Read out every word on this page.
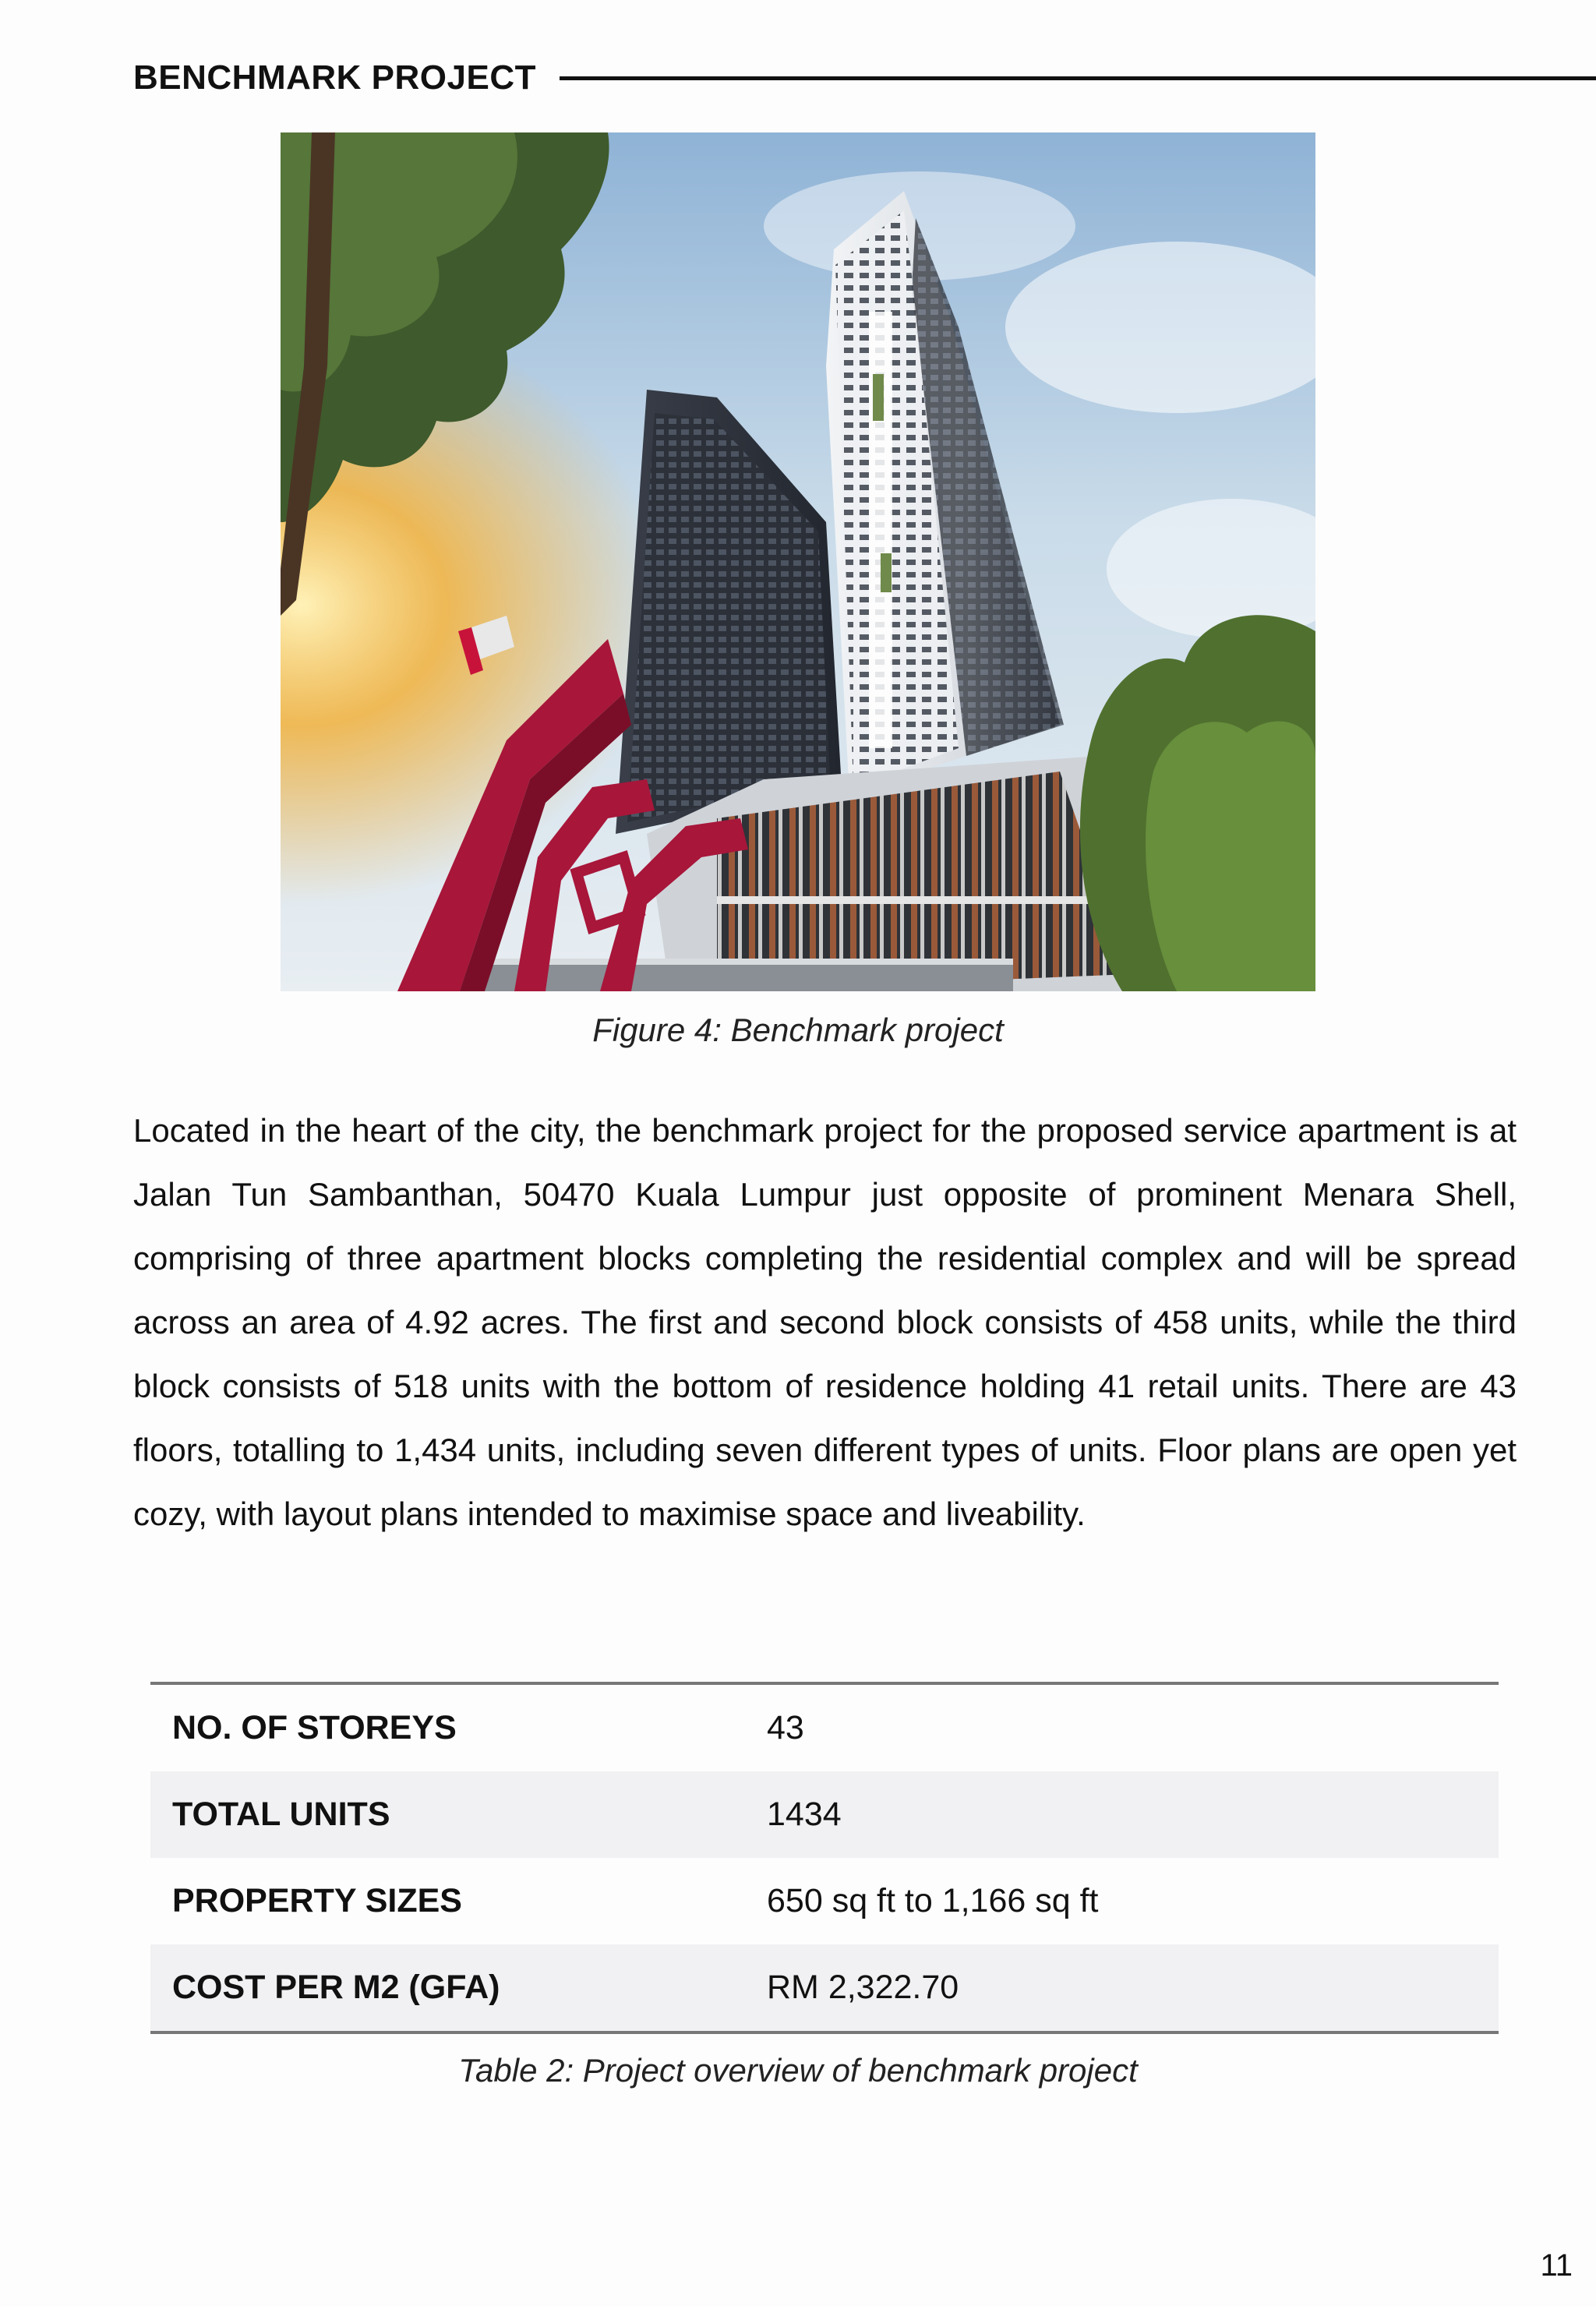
BENCHMARK PROJECT
Figure 4: Benchmark project

Located in the heart of the city, the benchmark project for the proposed service apartment is at Jalan Tun Sambanthan, 50470 Kuala Lumpur just opposite of prominent Menara Shell, comprising of three apartment blocks completing the residential complex and will be spread across an area of 4.92 acres. The first and second block consists of 458 units, while the third block consists of 518 units with the bottom of residence holding 41 retail units. There are 43 floors, totalling to 1,434 units, including seven different types of units. Floor plans are open yet cozy, with layout plans intended to maximise space and liveability.

NO. OF STOREYS	43
TOTAL UNITS	1434
PROPERTY SIZES	650 sq ft to 1,166 sq ft
COST PER M2 (GFA)	RM 2,322.70
Table 2: Project overview of benchmark project
11
